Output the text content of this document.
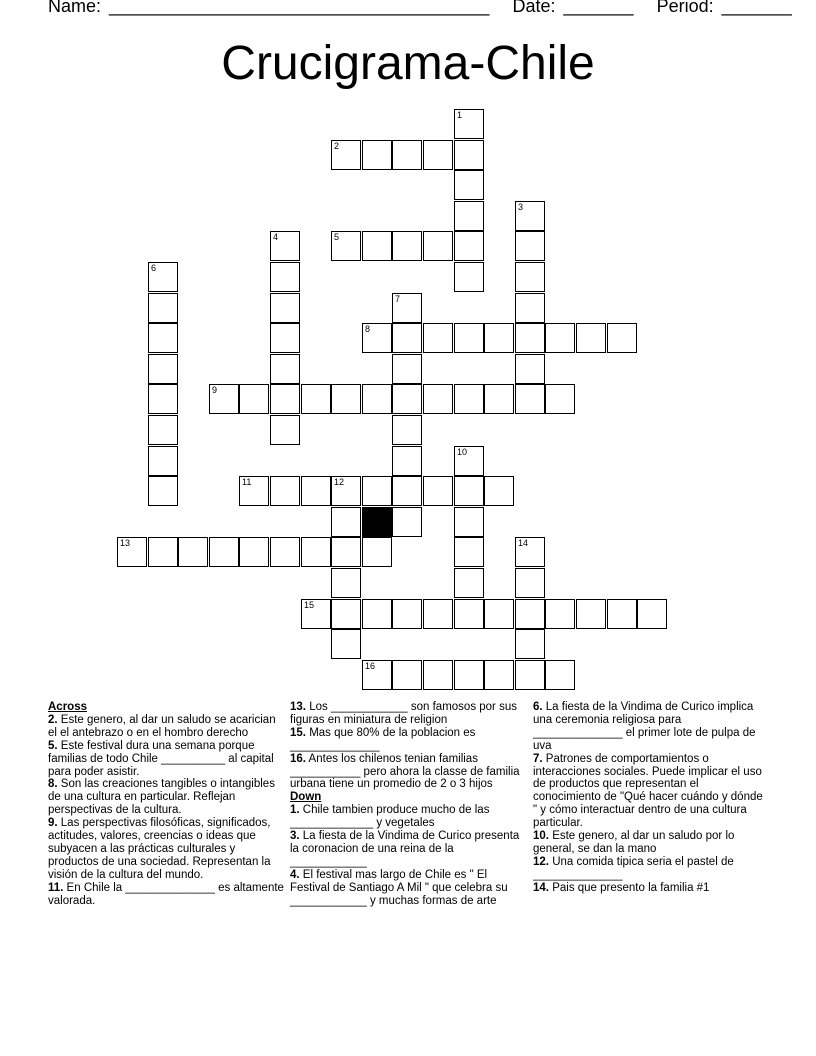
Name: ______________________________________ Date: _______ Period: _______
Crucigrama-Chile
1
2
3
4	5
6
7
8
9
10
11	12
13	14
15
16
Across
2. Este genero, al dar un saludo se acarician el el antebrazo o en el hombro derecho
5. Este festival dura una semana porque familias de todo Chile __________ al capital para poder asistir.
8. Son las creaciones tangibles o intangibles de una cultura en particular. Reflejan perspectivas de la cultura.
9. Las perspectivas filosóficas, significados, actitudes, valores, creencias o ideas que subyacen a las prácticas culturales y productos de una sociedad. Representan la visión de la cultura del mundo.
11. En Chile la ______________ es altamente valorada.
13. Los ____________ son famosos por sus figuras en miniatura de religion
15. Mas que 80% de la poblacion es ______________
16. Antes los chilenos tenian familias ___________ pero ahora la classe de familia urbana tiene un promedio de 2 o 3 hijos
Down
1. Chile tambien produce mucho de las _____________ y vegetales
3. La fiesta de la Vindima de Curico presenta la coronacion de una reina de la ____________
4. El festival mas largo de Chile es " El Festival de Santiago A Mil " que celebra su ____________ y muchas formas de arte
6. La fiesta de la Vindima de Curico implica una ceremonia religiosa para ______________ el primer lote de pulpa de uva
7. Patrones de comportamientos o interacciones sociales. Puede implicar el uso de productos que representan el conocimiento de "Qué hacer cuándo y dónde " y cómo interactuar dentro de una cultura particular.
10. Este genero, al dar un saludo por lo general, se dan la mano
12. Una comida tipica seria el pastel de ______________
14. Pais que presento la familia #1
